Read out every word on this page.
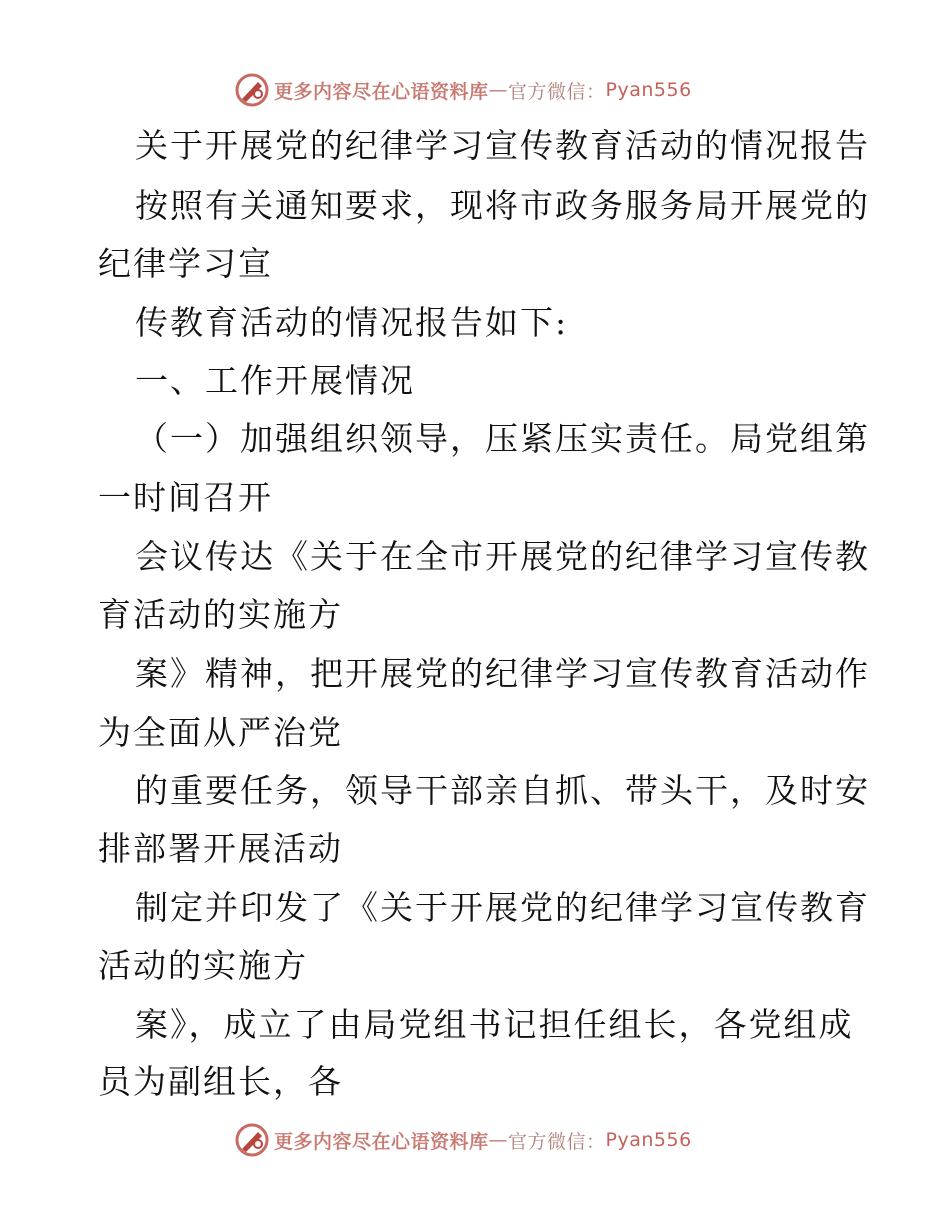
更多内容尽在心语资料库 — 官方微信： Pyan556
关于开展党的纪律学习宣传教育活动的情况报告
按照有关通知要求，现将市政务服务局开展党的
纪律学习宣
传教育活动的情况报告如下:
一、工作开展情况
（一）加强组织领导，压紧压实责任。局党组第
一时间召开
会议传达《关于在全市开展党的纪律学习宣传教
育活动的实施方
案》精神，把开展党的纪律学习宣传教育活动作
为全面从严治党
的重要任务，领导干部亲自抓、带头干，及时安
排部署开展活动
制定并印发了《关于开展党的纪律学习宣传教育
活动的实施方
案》，成立了由局党组书记担任组长，各党组成
员为副组长，各
更多内容尽在心语资料库 — 官方微信： Pyan556
